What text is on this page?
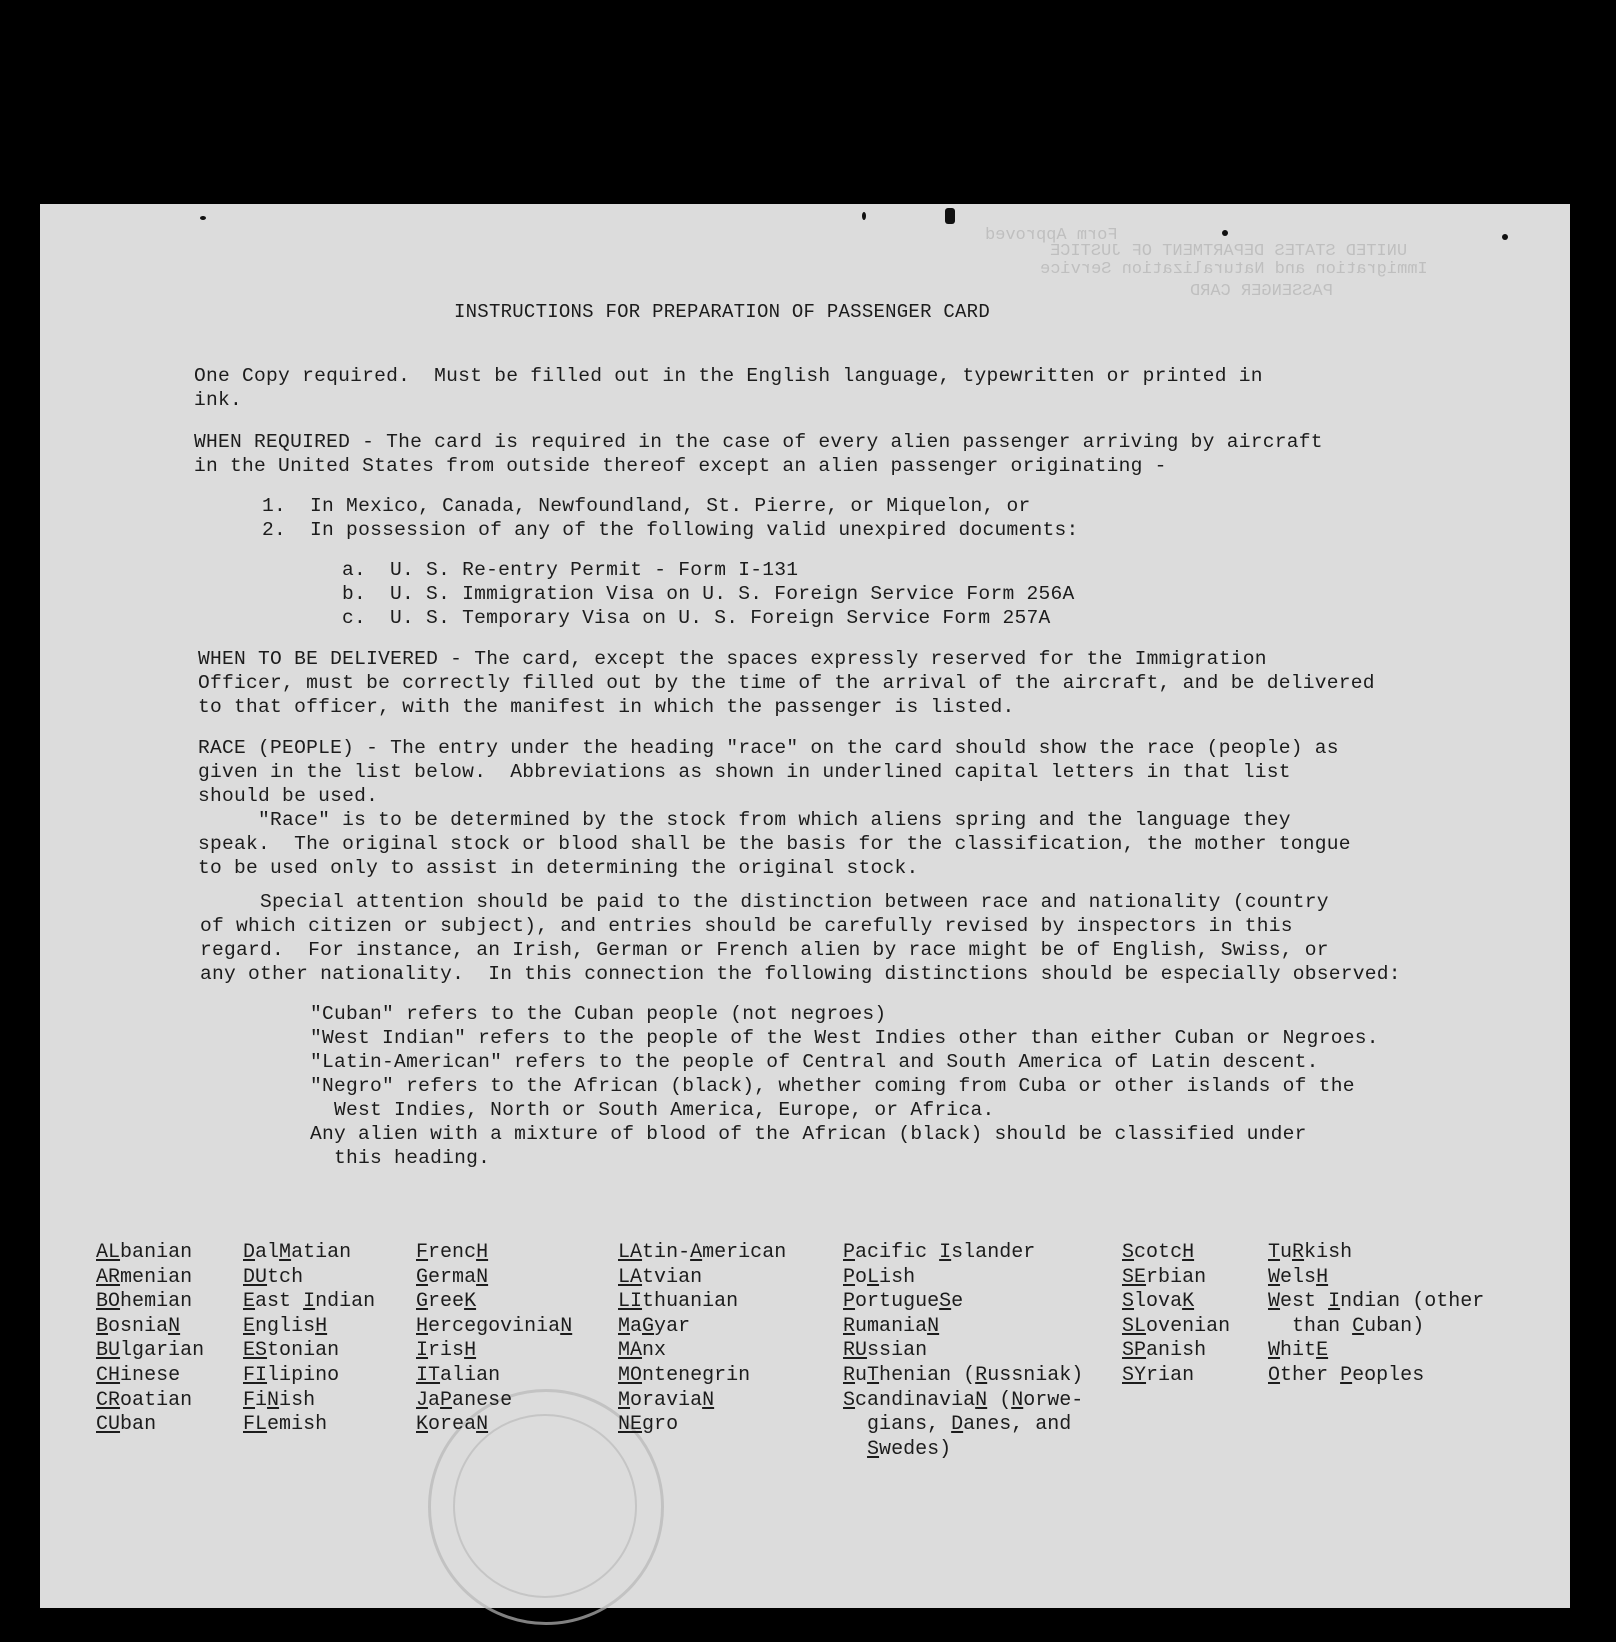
Form Approved
UNITED STATES DEPARTMENT OF JUSTICE
Immigration and Naturalization Service
PASSENGER CARD
INSTRUCTIONS FOR PREPARATION OF PASSENGER CARD
One Copy required.  Must be filled out in the English language, typewritten or printed in
ink.
WHEN REQUIRED - The card is required in the case of every alien passenger arriving by aircraft
in the United States from outside thereof except an alien passenger originating -
1.  In Mexico, Canada, Newfoundland, St. Pierre, or Miquelon, or
2.  In possession of any of the following valid unexpired documents:
a.  U. S. Re-entry Permit - Form I-131
b.  U. S. Immigration Visa on U. S. Foreign Service Form 256A
c.  U. S. Temporary Visa on U. S. Foreign Service Form 257A
WHEN TO BE DELIVERED - The card, except the spaces expressly reserved for the Immigration
Officer, must be correctly filled out by the time of the arrival of the aircraft, and be delivered
to that officer, with the manifest in which the passenger is listed.
RACE (PEOPLE) - The entry under the heading "race" on the card should show the race (people) as
given in the list below.  Abbreviations as shown in underlined capital letters in that list
should be used.
"Race" is to be determined by the stock from which aliens spring and the language they
speak.  The original stock or blood shall be the basis for the classification, the mother tongue
to be used only to assist in determining the original stock.
Special attention should be paid to the distinction between race and nationality (country
of which citizen or subject), and entries should be carefully revised by inspectors in this
regard.  For instance, an Irish, German or French alien by race might be of English, Swiss, or
any other nationality.  In this connection the following distinctions should be especially observed:
"Cuban" refers to the Cuban people (not negroes)
"West Indian" refers to the people of the West Indies other than either Cuban or Negroes.
"Latin-American" refers to the people of Central and South America of Latin descent.
"Negro" refers to the African (black), whether coming from Cuba or other islands of the
West Indies, North or South America, Europe, or Africa.
Any alien with a mixture of blood of the African (black) should be classified under
this heading.
ALbanian
ARmenian
BOhemian
BosniaN
BUlgarian
CHinese
CRoatian
CUban
DalMatian
DUtch
East Indian
EnglisH
EStonian
FIlipino
FiNish
FLemish
FrencH
GermaN
GreeK
HercegoviniaN
IrisH
ITalian
JaPanese
KoreaN
LAtin-American
LAtvian
LIthuanian
MaGyar
MAnx
MOntenegrin
MoraviaN
NEgro
Pacific Islander
PoLish
PortugueSe
RumaniaN
RUssian
RuThenian (Russniak)
ScandinaviaN (Norwe-
gians, Danes, and
Swedes)
ScotcH
SErbian
SlovaK
SLovenian
SPanish
SYrian
TuRkish
WelsH
West Indian (other
than Cuban)
WhitE
Other Peoples
